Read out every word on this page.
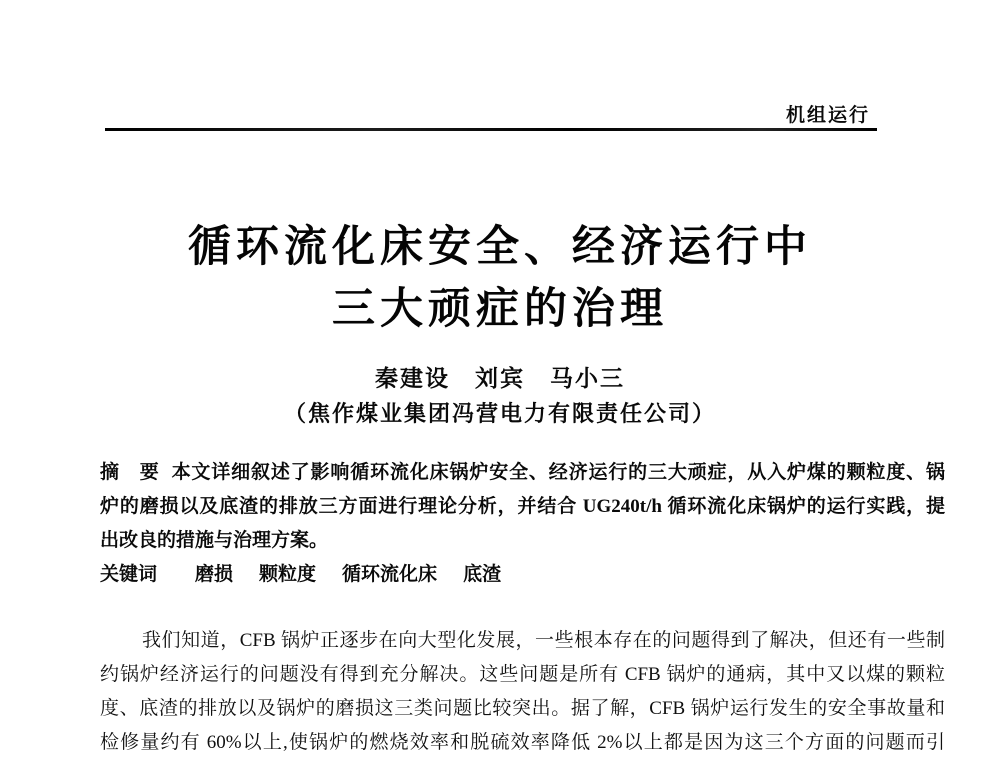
机组运行
循环流化床安全、经济运行中
三大顽症的治理
秦建设　刘宾　马小三
（焦作煤业集团冯营电力有限责任公司）
摘　要 本文详细叙述了影响循环流化床锅炉安全、经济运行的三大顽症，从入炉煤的颗粒度、锅
炉的磨损以及底渣的排放三方面进行理论分析，并结合 UG240t/h 循环流化床锅炉的运行实践，提
出改良的措施与治理方案。
关键词 磨损 颗粒度 循环流化床 底渣
我们知道，CFB 锅炉正逐步在向大型化发展，一些根本存在的问题得到了解决，但还有一些制
约锅炉经济运行的问题没有得到充分解决。这些问题是所有 CFB 锅炉的通病，其中又以煤的颗粒
度、底渣的排放以及锅炉的磨损这三类问题比较突出。据了解，CFB 锅炉运行发生的安全事故量和
检修量约有 60%以上,使锅炉的燃烧效率和脱硫效率降低 2%以上都是因为这三个方面的问题而引
